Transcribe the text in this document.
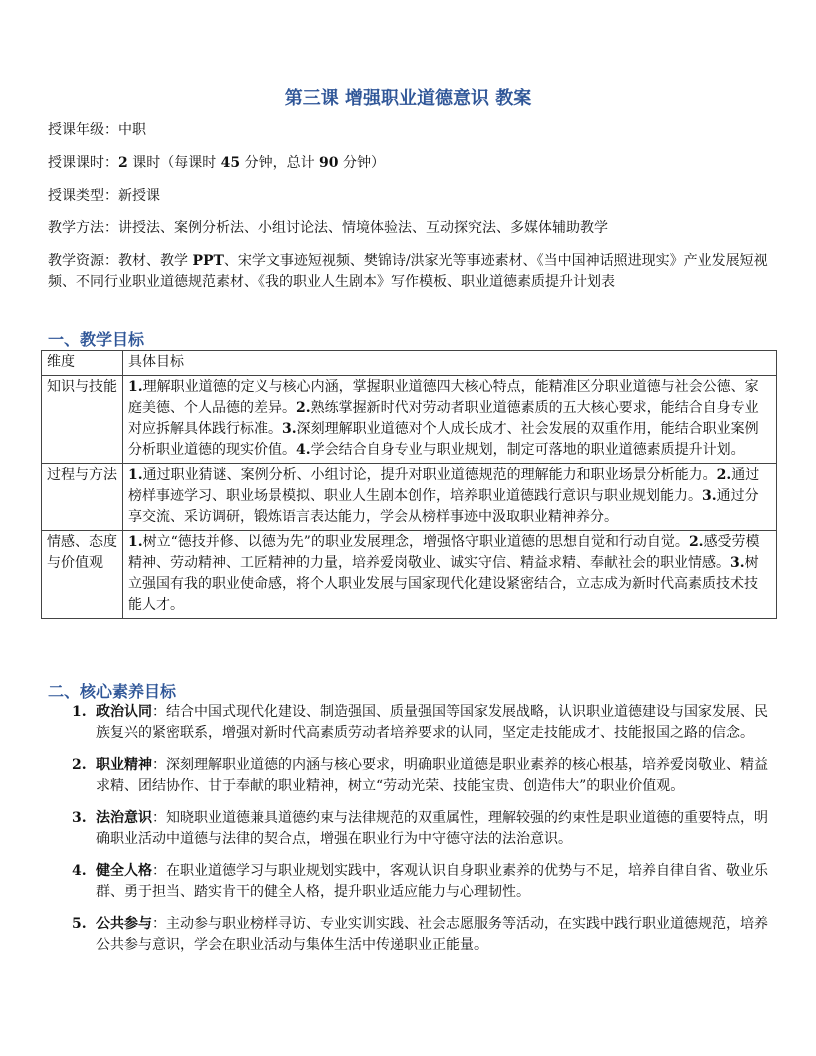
第三课 增强职业道德意识 教案
授课年级：中职
授课课时：2 课时（每课时 45 分钟，总计 90 分钟）
授课类型：新授课
教学方法：讲授法、案例分析法、小组讨论法、情境体验法、互动探究法、多媒体辅助教学
教学资源：教材、教学 PPT、宋学文事迹短视频、樊锦诗/洪家光等事迹素材、《当中国神话照进现实》产业发展短视频、不同行业职业道德规范素材、《我的职业人生剧本》写作模板、职业道德素质提升计划表
一、教学目标
维度	具体目标
知识与技能	1.理解职业道德的定义与核心内涵，掌握职业道德四大核心特点，能精准区分职业道德与社会公德、家庭美德、个人品德的差异。2.熟练掌握新时代对劳动者职业道德素质的五大核心要求，能结合自身专业对应拆解具体践行标准。3.深刻理解职业道德对个人成长成才、社会发展的双重作用，能结合职业案例分析职业道德的现实价值。4.学会结合自身专业与职业规划，制定可落地的职业道德素质提升计划。
过程与方法	1.通过职业猜谜、案例分析、小组讨论，提升对职业道德规范的理解能力和职业场景分析能力。2.通过榜样事迹学习、职业场景模拟、职业人生剧本创作，培养职业道德践行意识与职业规划能力。3.通过分享交流、采访调研，锻炼语言表达能力，学会从榜样事迹中汲取职业精神养分。
情感、态度与价值观	1.树立“德技并修、以德为先”的职业发展理念，增强恪守职业道德的思想自觉和行动自觉。2.感受劳模精神、劳动精神、工匠精神的力量，培养爱岗敬业、诚实守信、精益求精、奉献社会的职业情感。3.树立强国有我的职业使命感，将个人职业发展与国家现代化建设紧密结合，立志成为新时代高素质技术技能人才。
二、核心素养目标
1. 政治认同：结合中国式现代化建设、制造强国、质量强国等国家发展战略，认识职业道德建设与国家发展、民族复兴的紧密联系，增强对新时代高素质劳动者培养要求的认同，坚定走技能成才、技能报国之路的信念。
2. 职业精神：深刻理解职业道德的内涵与核心要求，明确职业道德是职业素养的核心根基，培养爱岗敬业、精益求精、团结协作、甘于奉献的职业精神，树立“劳动光荣、技能宝贵、创造伟大”的职业价值观。
3. 法治意识：知晓职业道德兼具道德约束与法律规范的双重属性，理解较强的约束性是职业道德的重要特点，明确职业活动中道德与法律的契合点，增强在职业行为中守德守法的法治意识。
4. 健全人格：在职业道德学习与职业规划实践中，客观认识自身职业素养的优势与不足，培养自律自省、敬业乐群、勇于担当、踏实肯干的健全人格，提升职业适应能力与心理韧性。
5. 公共参与：主动参与职业榜样寻访、专业实训实践、社会志愿服务等活动，在实践中践行职业道德规范，培养公共参与意识，学会在职业活动与集体生活中传递职业正能量。
